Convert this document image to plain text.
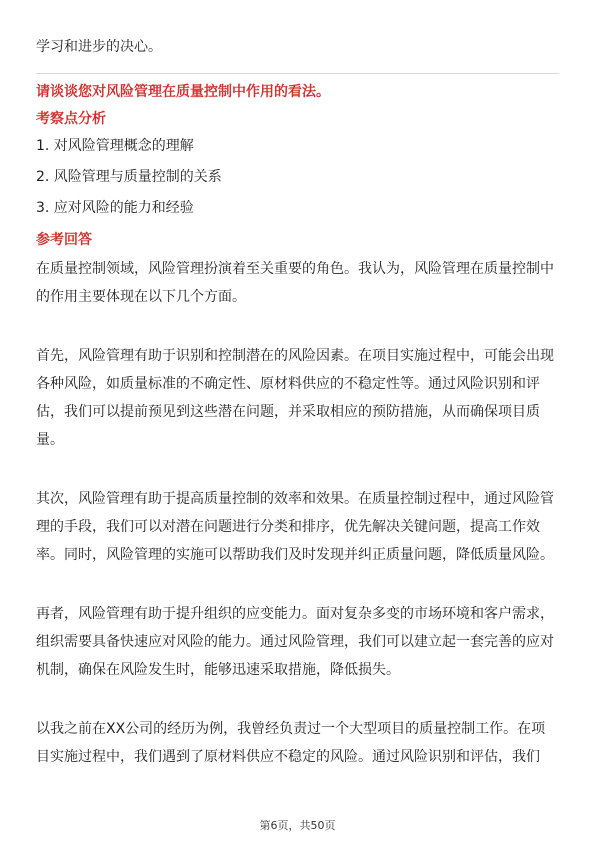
学习和进步的决心。
请谈谈您对风险管理在质量控制中作用的看法。
考察点分析
1. 对风险管理概念的理解
2. 风险管理与质量控制的关系
3. 应对风险的能力和经验
参考回答

在质量控制领域，风险管理扮演着至关重要的角色。我认为，风险管理在质量控制中的作用主要体现在以下几个方面。

首先，风险管理有助于识别和控制潜在的风险因素。在项目实施过程中，可能会出现各种风险，如质量标准的不确定性、原材料供应的不稳定性等。通过风险识别和评估，我们可以提前预见到这些潜在问题，并采取相应的预防措施，从而确保项目质量。

其次，风险管理有助于提高质量控制的效率和效果。在质量控制过程中，通过风险管理的手段，我们可以对潜在问题进行分类和排序，优先解决关键问题，提高工作效率。同时，风险管理的实施可以帮助我们及时发现并纠正质量问题，降低质量风险。

再者，风险管理有助于提升组织的应变能力。面对复杂多变的市场环境和客户需求，组织需要具备快速应对风险的能力。通过风险管理，我们可以建立起一套完善的应对机制，确保在风险发生时，能够迅速采取措施，降低损失。

以我之前在XX公司的经历为例，我曾经负责过一个大型项目的质量控制工作。在项目实施过程中，我们遇到了原材料供应不稳定的风险。通过风险识别和评估，我们

第6页，共50页
